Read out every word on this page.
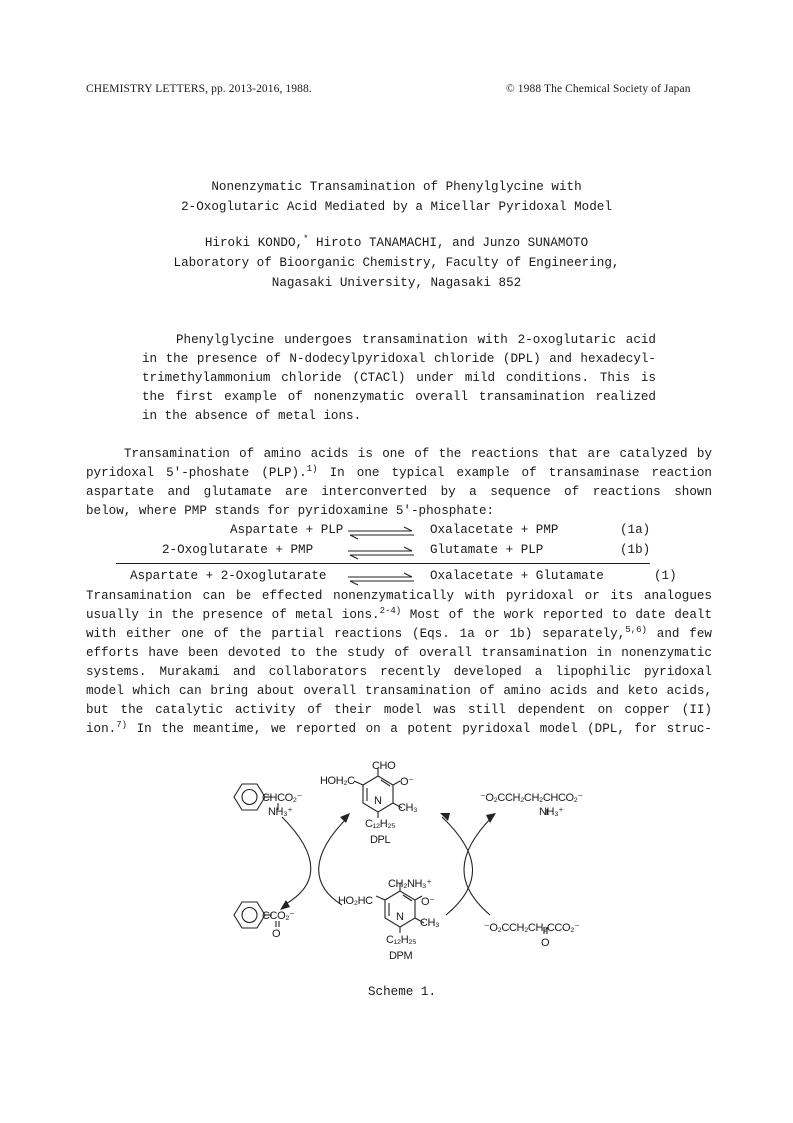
CHEMISTRY LETTERS, pp. 2013-2016, 1988.	© 1988 The Chemical Society of Japan
Nonenzymatic Transamination of Phenylglycine with
2-Oxoglutaric Acid Mediated by a Micellar Pyridoxal Model
Hiroki KONDO,* Hiroto TANAMACHI, and Junzo SUNAMOTO
Laboratory of Bioorganic Chemistry, Faculty of Engineering,
Nagasaki University, Nagasaki 852
Phenylglycine undergoes transamination with 2-oxoglutaric acid
in the presence of N-dodecylpyridoxal chloride (DPL) and hexadecyl-
trimethylammonium chloride (CTACl) under mild conditions. This is
the first example of nonenzymatic overall transamination realized
in the absence of metal ions.
Transamination of amino acids is one of the reactions that are catalyzed by
pyridoxal 5'-phoshate (PLP).$^{1)}$ In one typical example of transaminase reaction
aspartate and glutamate are interconverted by a sequence of reactions shown
below, where PMP stands for pyridoxamine 5'-phosphate:
Aspartate + PLP	Oxalacetate + PMP	(1a)
2-Oxoglutarate + PMP	Glutamate + PLP	(1b)
Aspartate + 2-Oxoglutarate	Oxalacetate + Glutamate	(1)
Transamination can be effected nonenzymatically with pyridoxal or its analogues
usually in the presence of metal ions.$^{2-4)}$ Most of the work reported to date dealt
with either one of the partial reactions (Eqs. 1a or 1b) separately,$^{5,6)}$ and few
efforts have been devoted to the study of overall transamination in nonenzymatic
systems. Murakami and collaborators recently developed a lipophilic pyridoxal
model which can bring about overall transamination of amino acids and keto acids,
but the catalytic activity of their model was still dependent on copper (II)
ion.$^{7)}$ In the meantime, we reported on a potent pyridoxal model (DPL, for struc-
CHCO₂⁻
NH₃⁺
CHO
HOH₂C	O⁻
N
CH₃
C₁₂H₂₅
DPL
⁻O₂CCH₂CH₂CHCO₂⁻
NH₃⁺
CCO₂⁻
O
CH₂NH₃⁺
HO₂HC	O⁻
N CH₃
C₁₂H₂₅
DPM
⁻O₂CCH₂CH₂CCO₂⁻
O
Scheme 1.
